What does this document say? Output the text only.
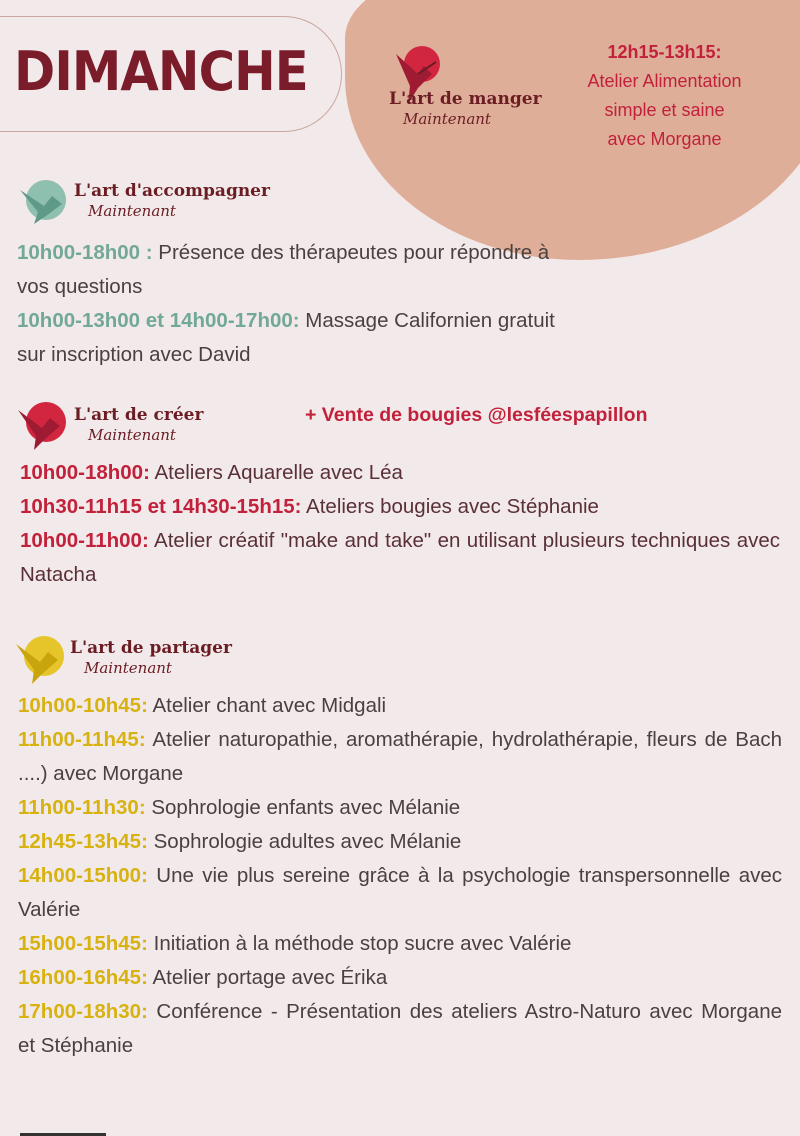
DIMANCHE	L'art de manger
Maintenant
12h15-13h15:
Atelier Alimentation
simple et saine
avec Morgane
L'art d'accompagner
Maintenant

10h00-18h00 : Présence des thérapeutes pour répondre à

vos questions

10h00-13h00 et 14h00-17h00: Massage Californien gratuit

sur inscription avec David

L'art de créer
Maintenant
+ Vente de bougies @lesféespapillon

10h00-18h00: Ateliers Aquarelle avec Léa

10h30-11h15 et 14h30-15h15: Ateliers bougies avec Stéphanie

10h00-11h00: Atelier créatif "make and take" en utilisant plusieurs techniques avec Natacha

L'art de partager
Maintenant

10h00-10h45: Atelier chant avec Midgali

11h00-11h45: Atelier naturopathie, aromathérapie, hydrolathérapie, fleurs de Bach ....) avec Morgane

11h00-11h30: Sophrologie enfants avec Mélanie

12h45-13h45: Sophrologie adultes avec Mélanie

14h00-15h00: Une vie plus sereine grâce à la psychologie transpersonnelle avec Valérie

15h00-15h45: Initiation à la méthode stop sucre avec Valérie

16h00-16h45: Atelier portage avec Érika

17h00-18h30: Conférence - Présentation des ateliers Astro-Naturo avec Morgane et Stéphanie
